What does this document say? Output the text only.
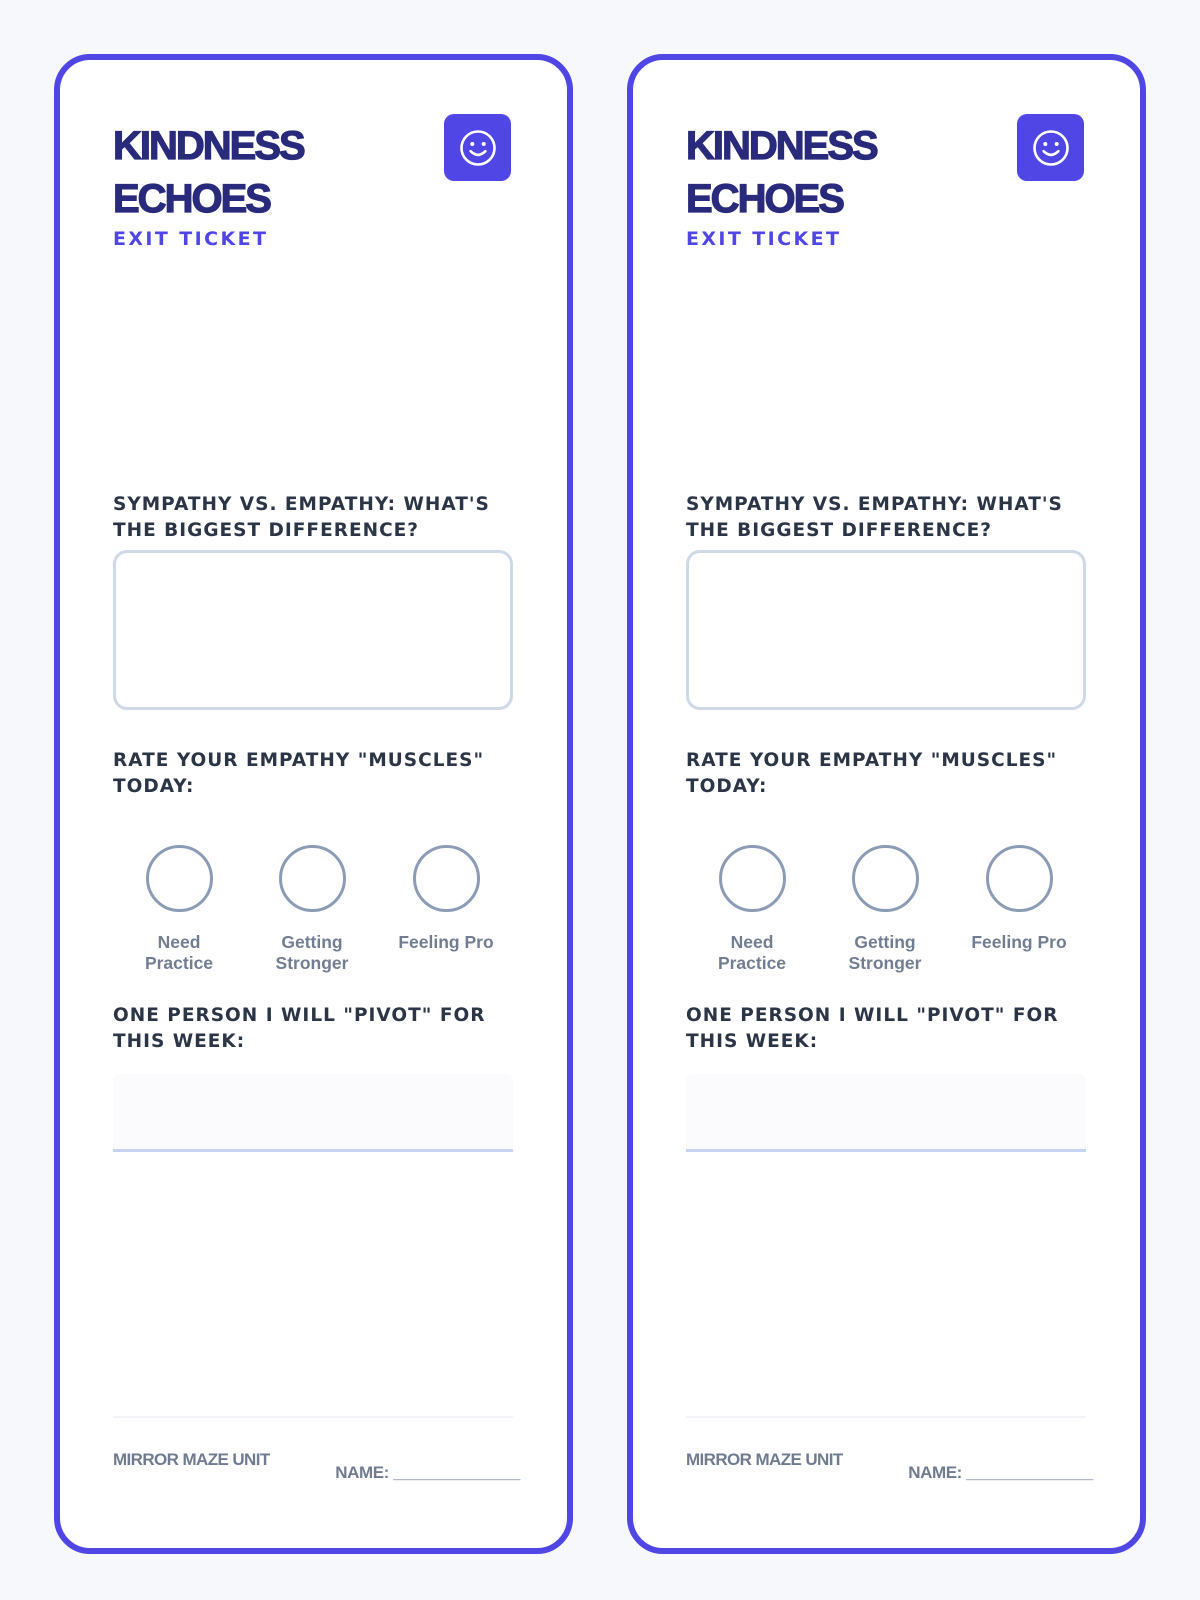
KINDNESS
ECHOES
EXIT TICKET
SYMPATHY VS. EMPATHY: WHAT'S THE BIGGEST DIFFERENCE?
RATE YOUR EMPATHY "MUSCLES" TODAY:
Need Practice
Getting Stronger
Feeling Pro
ONE PERSON I WILL "PIVOT" FOR THIS WEEK:
MIRROR MAZE UNIT
NAME: ______________
KINDNESS
ECHOES
EXIT TICKET
SYMPATHY VS. EMPATHY: WHAT'S THE BIGGEST DIFFERENCE?
RATE YOUR EMPATHY "MUSCLES" TODAY:
Need Practice
Getting Stronger
Feeling Pro
ONE PERSON I WILL "PIVOT" FOR THIS WEEK:
MIRROR MAZE UNIT
NAME: ______________
